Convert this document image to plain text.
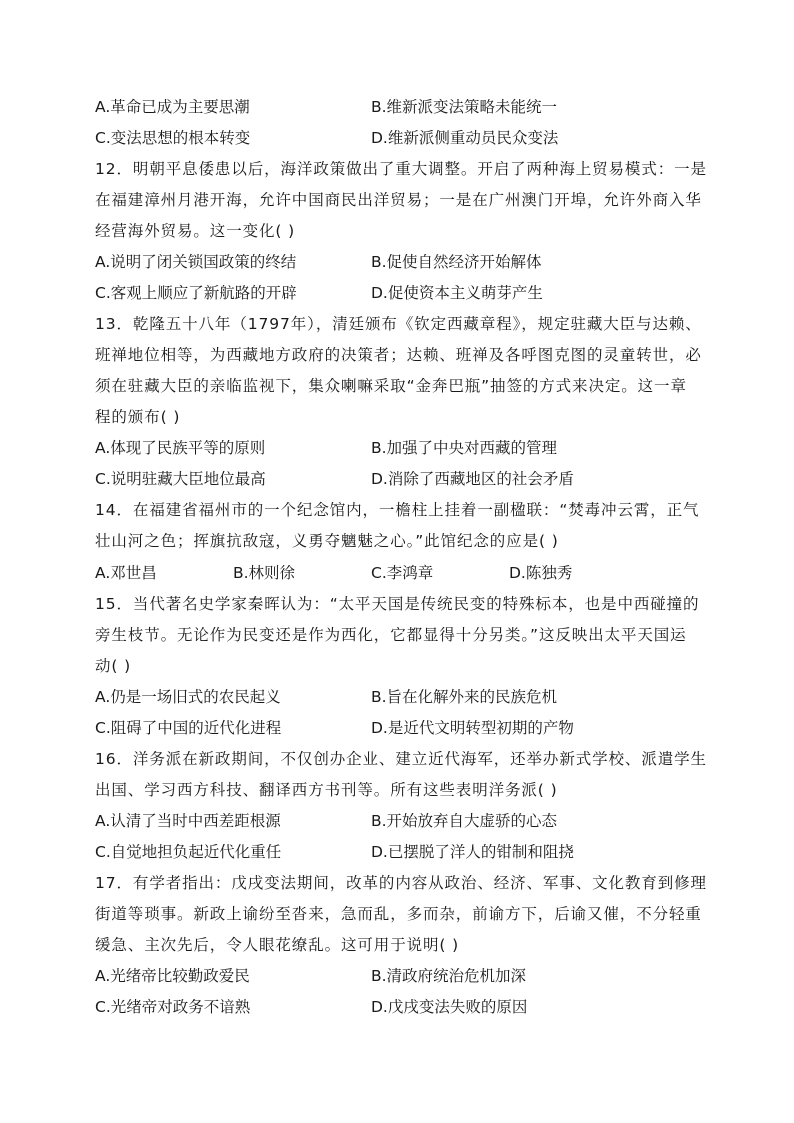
A.革命已成为主要思潮	B.维新派变法策略未能统一
C.变法思想的根本转变	D.维新派侧重动员民众变法
12．明朝平息倭患以后，海洋政策做出了重大调整。开启了两种海上贸易模式：一是
在福建漳州月港开海，允许中国商民出洋贸易；一是在广州澳门开埠，允许外商入华
经营海外贸易。这一变化( )
A.说明了闭关锁国政策的终结	B.促使自然经济开始解体
C.客观上顺应了新航路的开辟	D.促使资本主义萌芽产生
13．乾隆五十八年（1797年），清廷颁布《钦定西藏章程》，规定驻藏大臣与达赖、
班禅地位相等，为西藏地方政府的决策者；达赖、班禅及各呼图克图的灵童转世，必
须在驻藏大臣的亲临监视下，集众喇嘛采取“金奔巴瓶”抽签的方式来决定。这一章
程的颁布( )
A.体现了民族平等的原则	B.加强了中央对西藏的管理
C.说明驻藏大臣地位最高	D.消除了西藏地区的社会矛盾
14．在福建省福州市的一个纪念馆内，一檐柱上挂着一副楹联：“焚毒冲云霄，正气
壮山河之色；挥旗抗敌寇，义勇夺魑魅之心。”此馆纪念的应是( )
A.邓世昌	B.林则徐	C.李鸿章	D.陈独秀
15．当代著名史学家秦晖认为：“太平天国是传统民变的特殊标本，也是中西碰撞的
旁生枝节。无论作为民变还是作为西化，它都显得十分另类。”这反映出太平天国运
动( )
A.仍是一场旧式的农民起义	B.旨在化解外来的民族危机
C.阻碍了中国的近代化进程	D.是近代文明转型初期的产物
16．洋务派在新政期间，不仅创办企业、建立近代海军，还举办新式学校、派遣学生
出国、学习西方科技、翻译西方书刊等。所有这些表明洋务派( )
A.认清了当时中西差距根源	B.开始放弃自大虚骄的心态
C.自觉地担负起近代化重任	D.已摆脱了洋人的钳制和阻挠
17．有学者指出：戊戌变法期间，改革的内容从政治、经济、军事、文化教育到修理
街道等琐事。新政上谕纷至沓来，急而乱，多而杂，前谕方下，后谕又催，不分轻重
缓急、主次先后，令人眼花缭乱。这可用于说明( )
A.光绪帝比较勤政爱民	B.清政府统治危机加深
C.光绪帝对政务不谙熟	D.戊戌变法失败的原因
